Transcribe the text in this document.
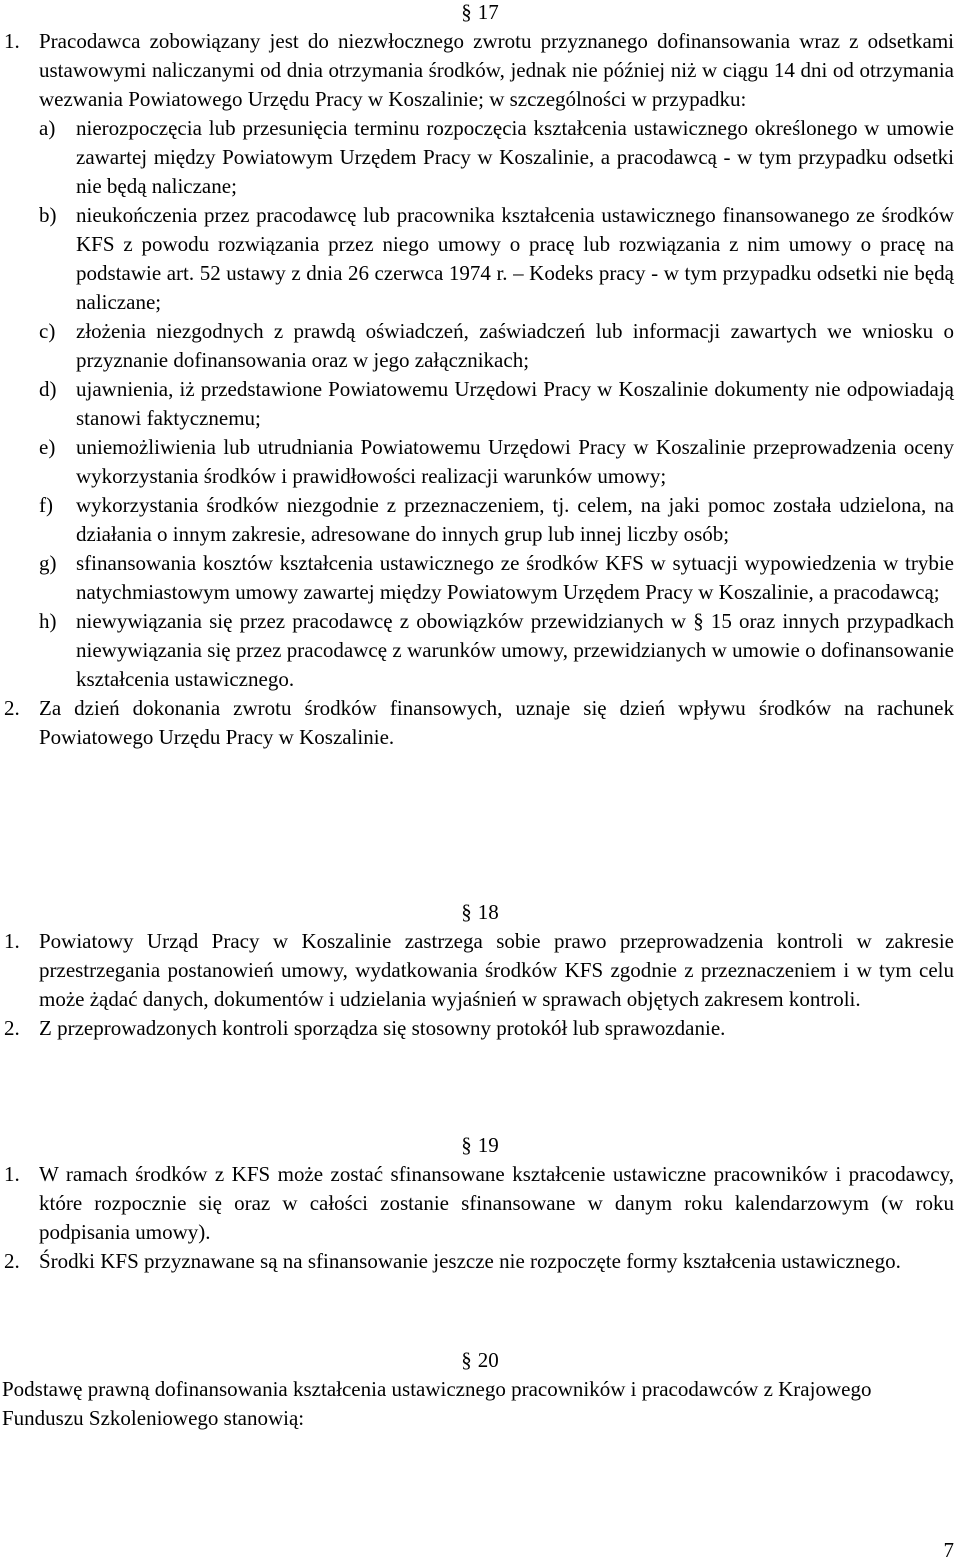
§ 17
1. Pracodawca zobowiązany jest do niezwłocznego zwrotu przyznanego dofinansowania wraz z odsetkami ustawowymi naliczanymi od dnia otrzymania środków, jednak nie później niż w ciągu 14 dni od otrzymania wezwania Powiatowego Urzędu Pracy w Koszalinie; w szczególności w przypadku:
a) nierozpoczęcia lub przesunięcia terminu rozpoczęcia kształcenia ustawicznego określonego w umowie zawartej między Powiatowym Urzędem Pracy w Koszalinie, a pracodawcą - w tym przypadku odsetki nie będą naliczane;
b) nieukończenia przez pracodawcę lub pracownika kształcenia ustawicznego finansowanego ze środków KFS z powodu rozwiązania przez niego umowy o pracę lub rozwiązania z nim umowy o pracę na podstawie art. 52 ustawy z dnia 26 czerwca 1974 r. – Kodeks pracy - w tym przypadku odsetki nie będą naliczane;
c) złożenia niezgodnych z prawdą oświadczeń, zaświadczeń lub informacji zawartych we wniosku o przyznanie dofinansowania oraz w jego załącznikach;
d) ujawnienia, iż przedstawione Powiatowemu Urzędowi Pracy w Koszalinie dokumenty nie odpowiadają stanowi faktycznemu;
e) uniemożliwienia lub utrudniania Powiatowemu Urzędowi Pracy w Koszalinie przeprowadzenia oceny wykorzystania środków i prawidłowości realizacji warunków umowy;
f) wykorzystania środków niezgodnie z przeznaczeniem, tj. celem, na jaki pomoc została udzielona, na działania o innym zakresie, adresowane do innych grup lub innej liczby osób;
g) sfinansowania kosztów kształcenia ustawicznego ze środków KFS w sytuacji wypowiedzenia w trybie natychmiastowym umowy zawartej między Powiatowym Urzędem Pracy w Koszalinie, a pracodawcą;
h) niewywiązania się przez pracodawcę z obowiązków przewidzianych w § 15 oraz innych przypadkach niewywiązania się przez pracodawcę z warunków umowy, przewidzianych w umowie o dofinansowanie kształcenia ustawicznego.
2. Za dzień dokonania zwrotu środków finansowych, uznaje się dzień wpływu środków na rachunek Powiatowego Urzędu Pracy w Koszalinie.
§ 18
1. Powiatowy Urząd Pracy w Koszalinie zastrzega sobie prawo przeprowadzenia kontroli w zakresie przestrzegania postanowień umowy, wydatkowania środków KFS zgodnie z przeznaczeniem i w tym celu może żądać danych, dokumentów i udzielania wyjaśnień w sprawach objętych zakresem kontroli.
2. Z przeprowadzonych kontroli sporządza się stosowny protokół lub sprawozdanie.
§ 19
1. W ramach środków z KFS może zostać sfinansowane kształcenie ustawiczne pracowników i pracodawcy, które rozpocznie się oraz w całości zostanie sfinansowane w danym roku kalendarzowym (w roku podpisania umowy).
2. Środki KFS przyznawane są na sfinansowanie jeszcze nie rozpoczęte formy kształcenia ustawicznego.
§ 20
Podstawę prawną dofinansowania kształcenia ustawicznego pracowników i pracodawców z Krajowego Funduszu Szkoleniowego stanowią:
7
